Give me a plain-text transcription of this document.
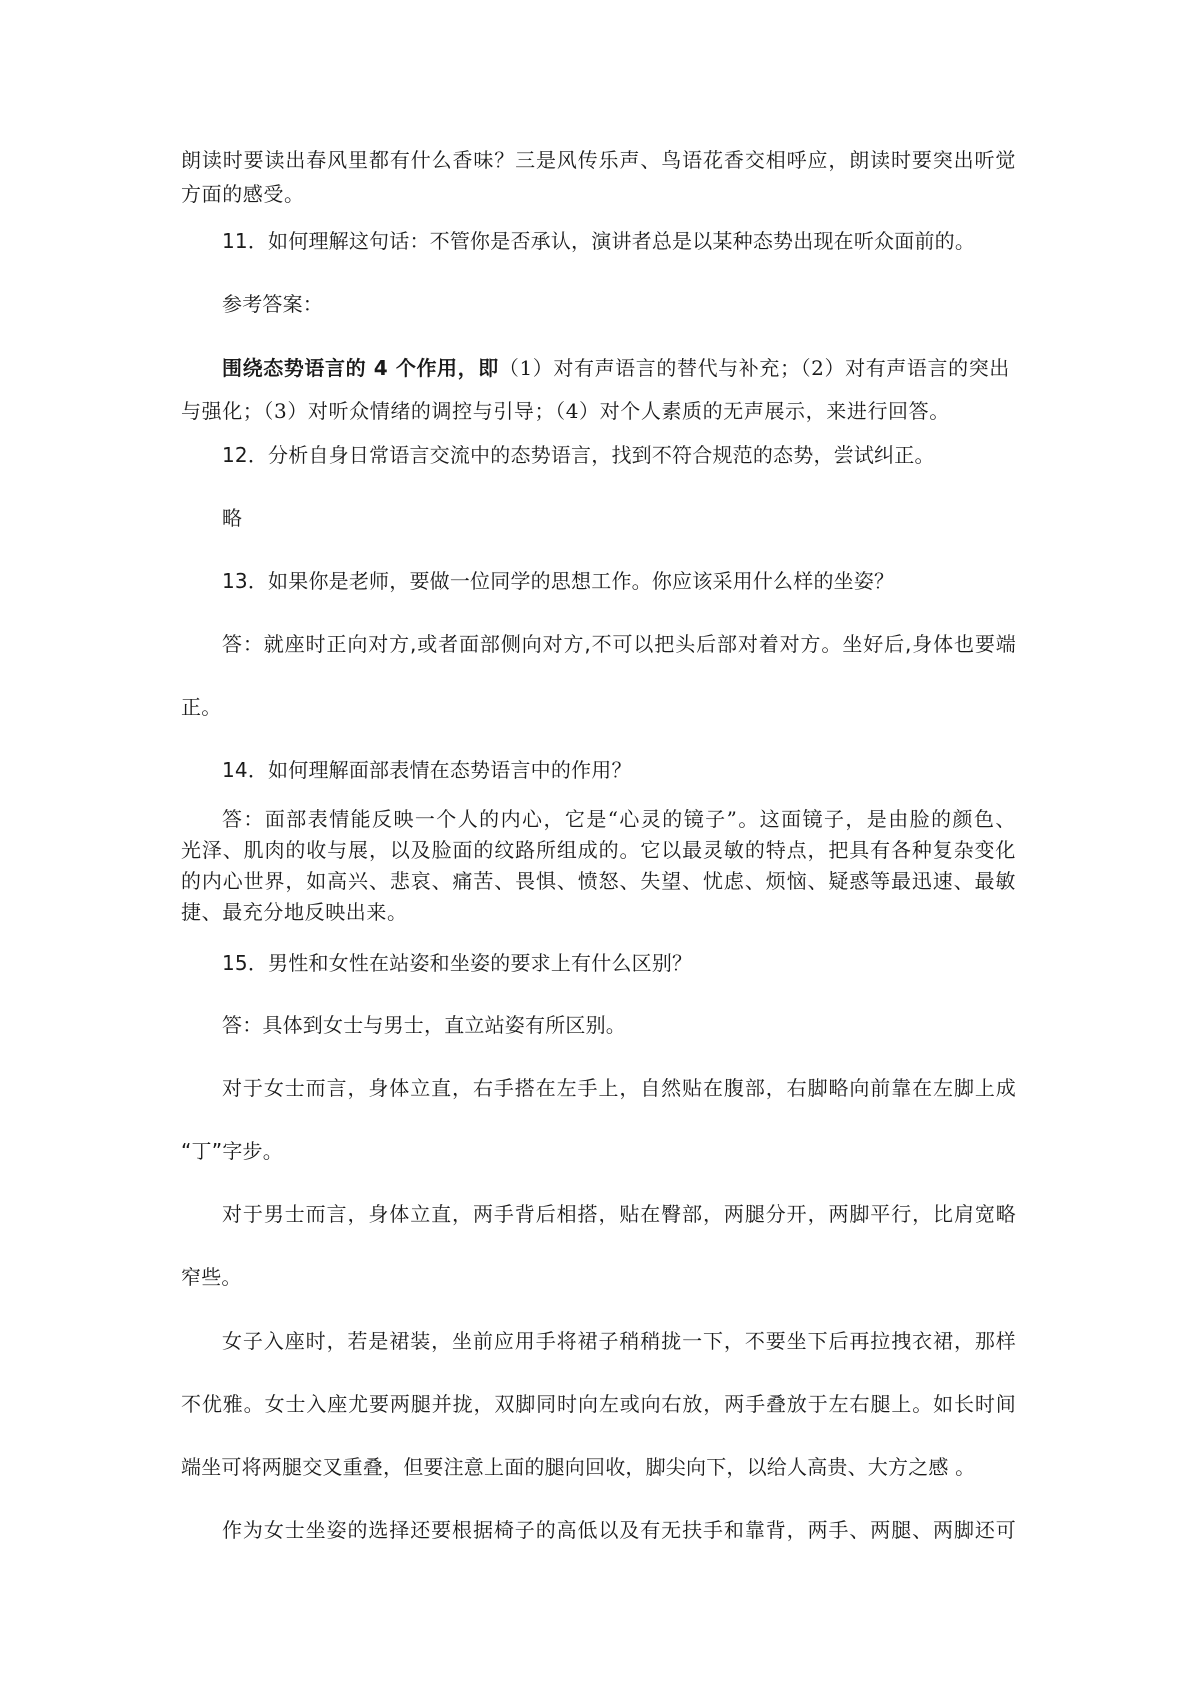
朗读时要读出春风里都有什么香味？三是风传乐声、鸟语花香交相呼应，朗读时要突出听觉
方面的感受。
11．如何理解这句话：不管你是否承认，演讲者总是以某种态势出现在听众面前的。
参考答案：
围绕态势语言的 4 个作用，即（1）对有声语言的替代与补充；（2）对有声语言的突出
与强化；（3）对听众情绪的调控与引导；（4）对个人素质的无声展示，来进行回答。
12．分析自身日常语言交流中的态势语言，找到不符合规范的态势，尝试纠正。
略
13．如果你是老师，要做一位同学的思想工作。你应该采用什么样的坐姿？
答：就座时正向对方,或者面部侧向对方,不可以把头后部对着对方。坐好后,身体也要端
正。
14．如何理解面部表情在态势语言中的作用？
答：面部表情能反映一个人的内心，它是“心灵的镜子”。这面镜子，是由脸的颜色、
光泽、肌肉的收与展，以及脸面的纹路所组成的。它以最灵敏的特点，把具有各种复杂变化
的内心世界，如高兴、悲哀、痛苦、畏惧、愤怒、失望、忧虑、烦恼、疑惑等最迅速、最敏
捷、最充分地反映出来。
15．男性和女性在站姿和坐姿的要求上有什么区别？
答：具体到女士与男士，直立站姿有所区别。
对于女士而言，身体立直，右手搭在左手上，自然贴在腹部，右脚略向前靠在左脚上成
“丁”字步。
对于男士而言，身体立直，两手背后相搭，贴在臀部，两腿分开，两脚平行，比肩宽略
窄些。
女子入座时，若是裙装，坐前应用手将裙子稍稍拢一下，不要坐下后再拉拽衣裙，那样
不优雅。女士入座尤要两腿并拢，双脚同时向左或向右放，两手叠放于左右腿上。如长时间
端坐可将两腿交叉重叠，但要注意上面的腿向回收，脚尖向下，以给人高贵、大方之感 。
作为女士坐姿的选择还要根据椅子的高低以及有无扶手和靠背，两手、两腿、两脚还可
